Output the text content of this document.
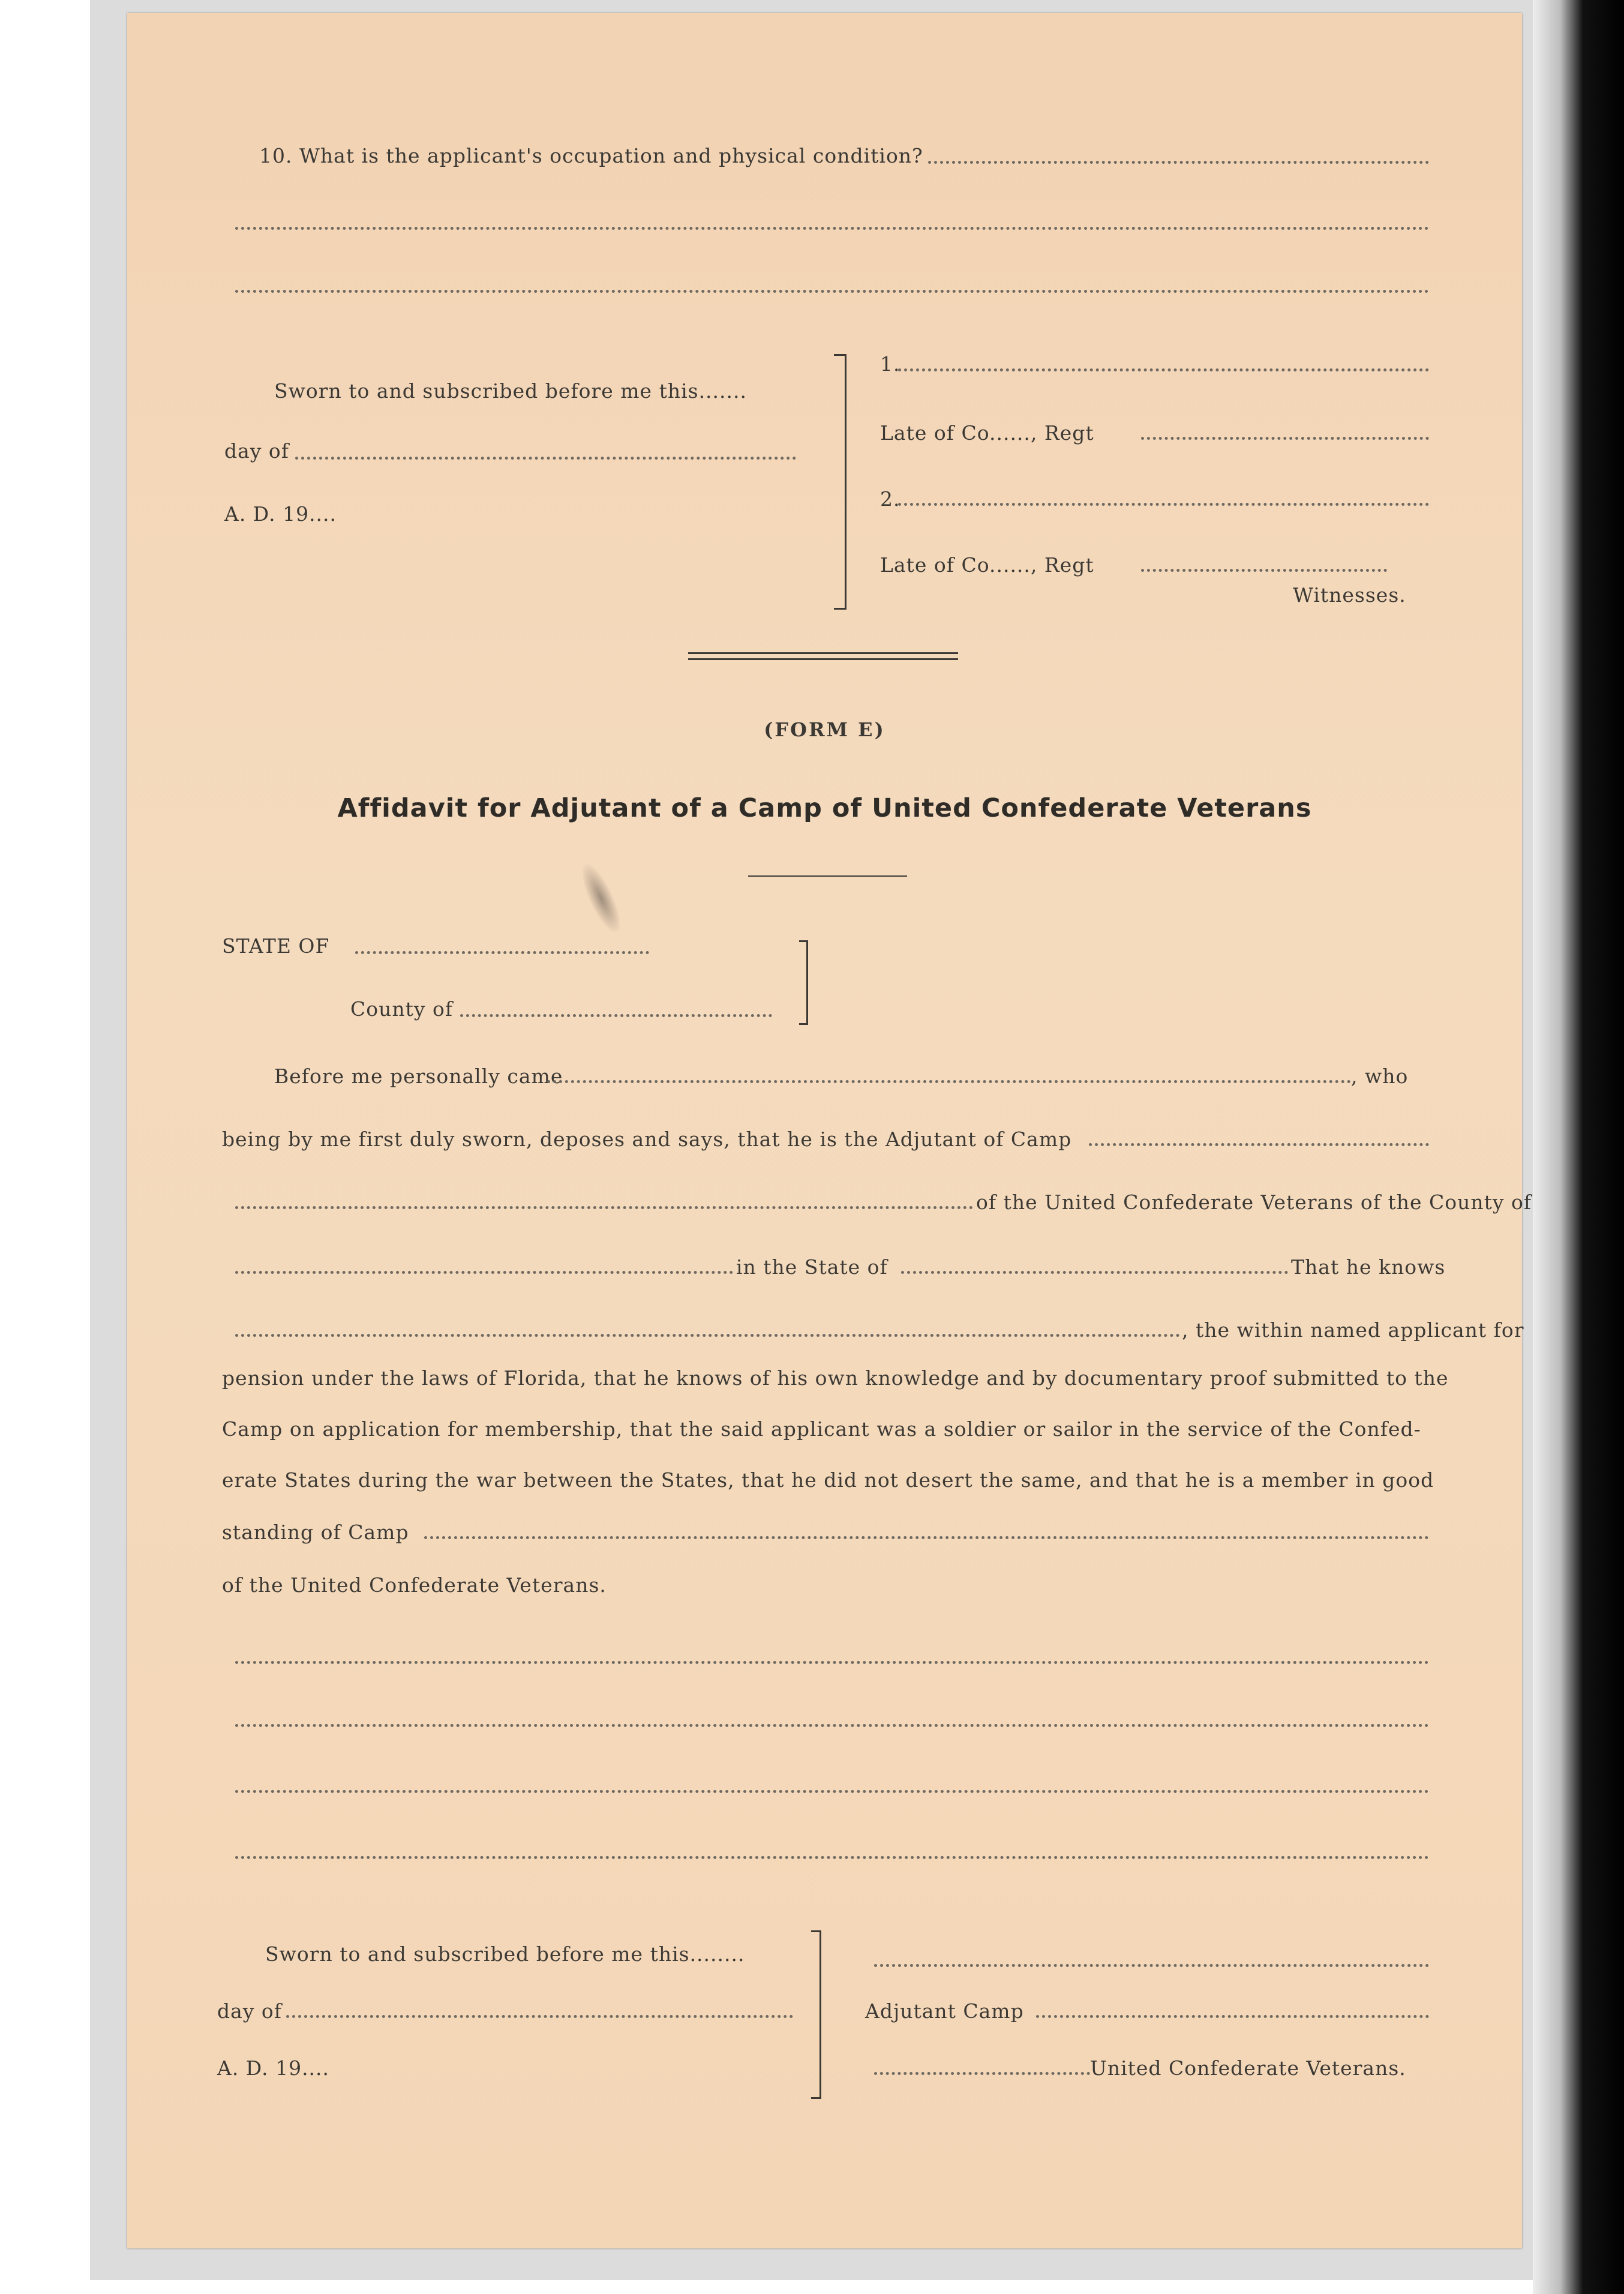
10. What is the applicant's occupation and physical condition?
Sworn to and subscribed before me this.......
day of
A. D. 19....
1.
Late of Co......, Regt
2.
Late of Co......, Regt
Witnesses.
(FORM E)
Affidavit for Adjutant of a Camp of United Confederate Veterans
STATE OF
County of
Before me personally came	, who
being by me first duly sworn, deposes and says, that he is the Adjutant of Camp
of the United Confederate Veterans of the County of
in the State of	That he knows
, the within named applicant for
pension under the laws of Florida, that he knows of his own knowledge and by documentary proof submitted to the
Camp on application for membership, that the said applicant was a soldier or sailor in the service of the Confed-
erate States during the war between the States, that he did not desert the same, and that he is a member in good
standing of Camp
of the United Confederate Veterans.
Sworn to and subscribed before me this........
day of
A. D. 19....
Adjutant Camp
United Confederate Veterans.
